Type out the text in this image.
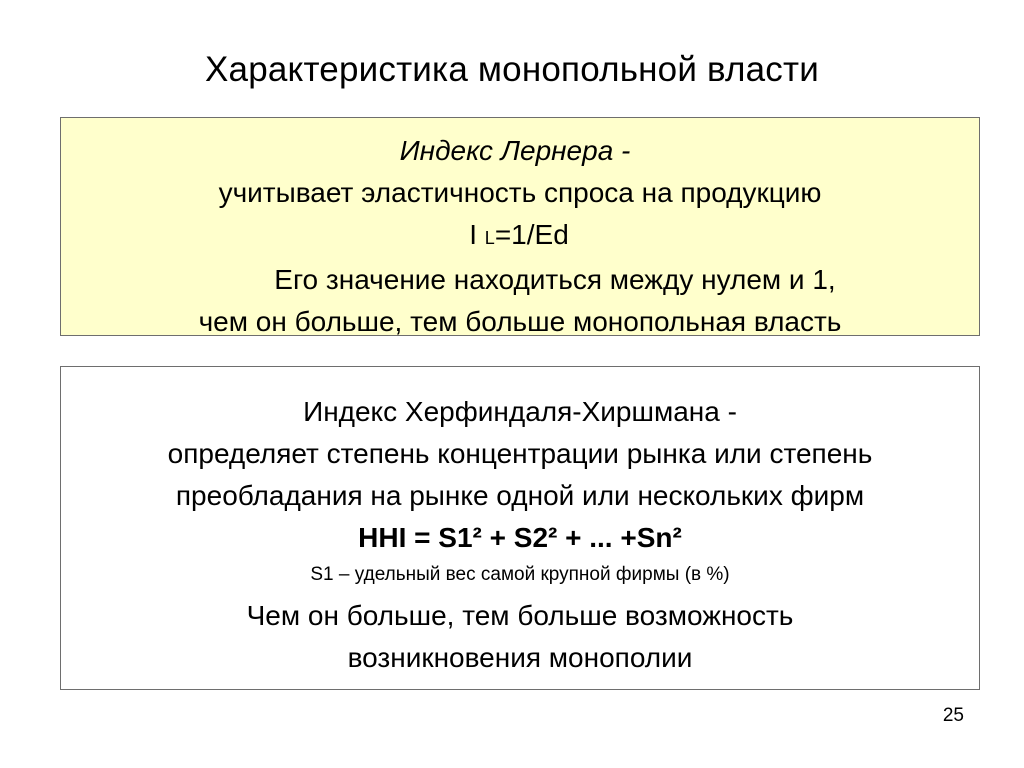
Характеристика монопольной власти
Индекс Лернера -
учитывает эластичность спроса на продукцию
I L=1/Ed
Его значение находиться между нулем и 1,
чем он больше, тем больше монопольная власть
Индекс Херфиндаля-Хиршмана -
определяет степень концентрации рынка или степень
преобладания на рынке одной или нескольких фирм
HHI = S1² + S2² + ... +Sn²
S1 – удельный вес самой крупной фирмы (в %)
Чем он больше, тем больше возможность
возникновения монополии
25
